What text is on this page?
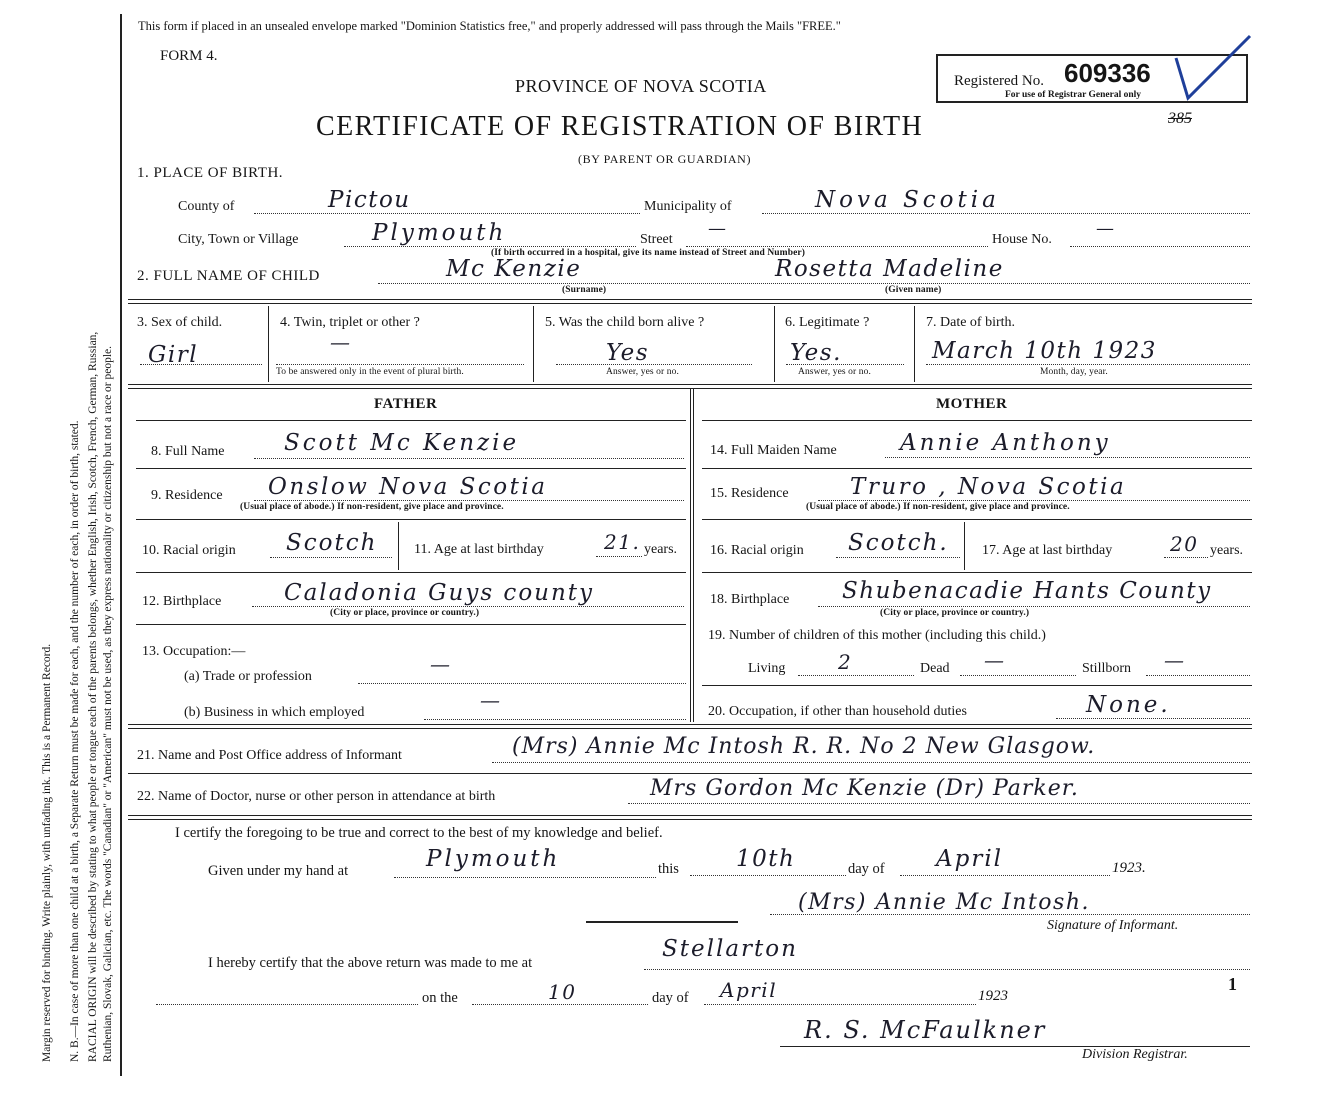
Margin reserved for binding. Write plainly, with unfading ink. This is a Permanent Record. N. B.—In case of more than one child at a birth, a Separate Return must be made for each, and the number of each, in order of birth, stated. RACIAL ORIGIN will be described by stating to what people or tongue each of the parents belongs, whether English, Irish, Scotch, French, German, Russian, Ruthenian, Slovak, Galician, etc. The words "Canadian" or "American" must not be used, as they express nationality or citizenship but not a race or people.
This form if placed in an unsealed envelope marked "Dominion Statistics free," and properly addressed will pass through the Mails "FREE."
FORM 4.
PROVINCE OF NOVA SCOTIA
CERTIFICATE OF REGISTRATION OF BIRTH
(BY PARENT OR GUARDIAN)
Registered No. 609336
For use of Registrar General only
385
1. PLACE OF BIRTH.
County of	Pictou	Municipality of	Nova Scotia
City, Town or Village	Plymouth	Street
—
House No.
—
(If birth occurred in a hospital, give its name instead of Street and Number)
2. FULL NAME OF CHILD	Mc Kenzie
(Surname)
Rosetta Madeline
(Given name)
3. Sex of child.
Girl
4. Twin, triplet or other ?
—
To be answered only in the event of plural birth.
5. Was the child born alive ?
Yes
Answer, yes or no.
6. Legitimate ?
Yes.
Answer, yes or no.
7. Date of birth.
March 10th 1923
Month, day, year.
FATHER	MOTHER
8. Full Name	Scott Mc Kenzie	14. Full Maiden Name	Annie Anthony
9. Residence Onslow Nova Scotia
(Usual place of abode.) If non-resident, give place and province.
15. Residence	Truro , Nova Scotia
(Usual place of abode.) If non-resident, give place and province.
10. Racial origin Scotch	11. Age at last birthday	21. years. 16. Racial origin Scotch. 17. Age at last birthday	20 years.
12. Birthplace	Caladonia Guys county
(City or place, province or country.)
18. Birthplace Shubenacadie Hants County
(City or place, province or country.)
13. Occupation:—
(a) Trade or profession
—
(b) Business in which employed
—
19. Number of children of this mother (including this child.)
Living	2	Dead —	Stillborn —
20. Occupation, if other than household duties	None.
21. Name and Post Office address of Informant	(Mrs) Annie Mc Intosh R. R. No 2 New Glasgow.
22. Name of Doctor, nurse or other person in attendance at birth	Mrs Gordon Mc Kenzie (Dr) Parker.
I certify the foregoing to be true and correct to the best of my knowledge and belief.
Given under my hand at	Plymouth	this 10th	day of April	1923.
(Mrs) Annie Mc Intosh.
Signature of Informant.
I hereby certify that the above return was made to me at
Stellarton
on the	10	day of April	1923
1
R. S. McFaulkner
Division Registrar.
